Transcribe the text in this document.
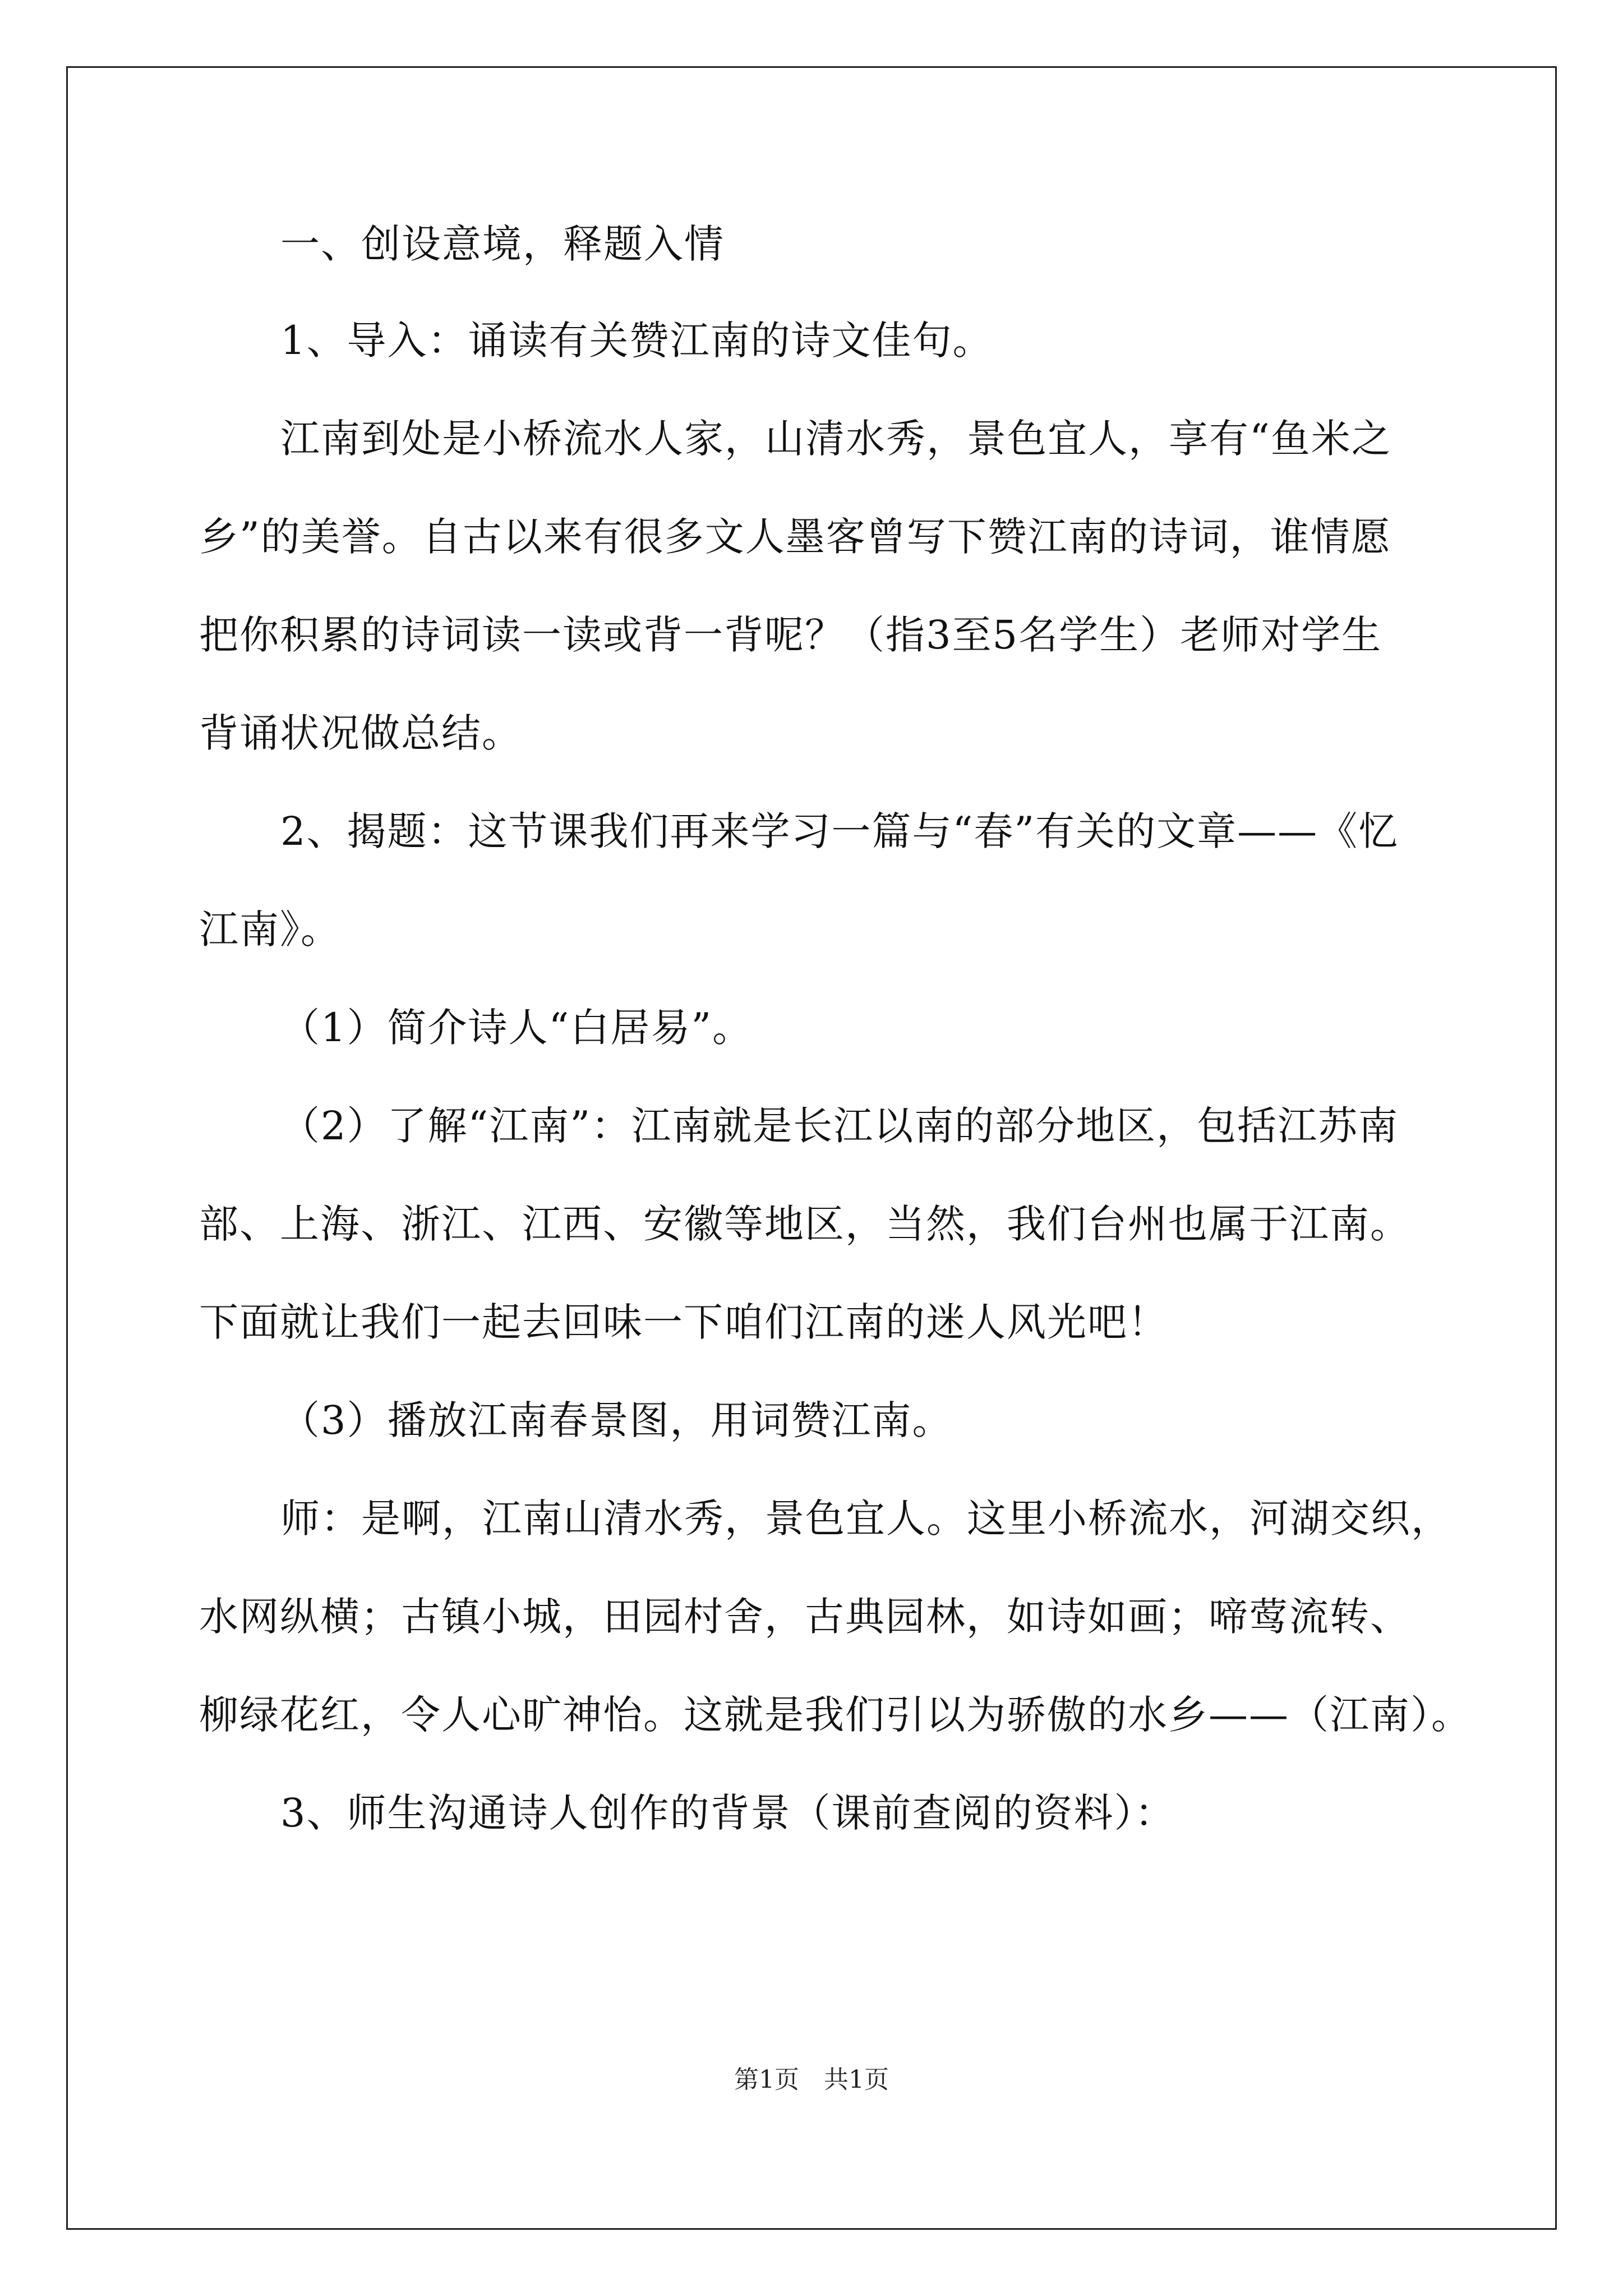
一、创设意境，释题入情
1、导入：诵读有关赞江南的诗文佳句。
江南到处是小桥流水人家，山清水秀，景色宜人，享有“鱼米之
乡”的美誉。自古以来有很多文人墨客曾写下赞江南的诗词，谁情愿
把你积累的诗词读一读或背一背呢？（指3至5名学生）老师对学生
背诵状况做总结。
2、揭题：这节课我们再来学习一篇与“春”有关的文章——《忆
江南》。
（1）简介诗人“白居易”。
（2）了解“江南”：江南就是长江以南的部分地区，包括江苏南
部、上海、浙江、江西、安徽等地区，当然，我们台州也属于江南。
下面就让我们一起去回味一下咱们江南的迷人风光吧！
（3）播放江南春景图，用词赞江南。
师：是啊，江南山清水秀，景色宜人。这里小桥流水，河湖交织，
水网纵横；古镇小城，田园村舍，古典园林，如诗如画；啼莺流转、
柳绿花红，令人心旷神怡。这就是我们引以为骄傲的水乡——（江南）。
3、师生沟通诗人创作的背景（课前查阅的资料）：
第1页　共1页
